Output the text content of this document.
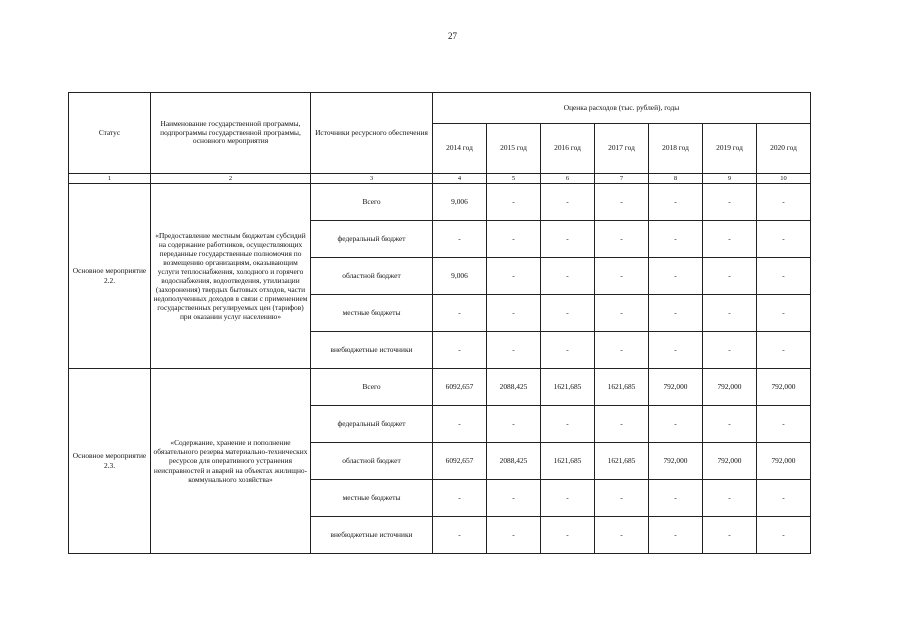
27
Статус	Наименование государственной программы, подпрограммы государственной программы, основного мероприятия	Источники ресурсного обеспечения	Оценка расходов (тыс. рублей), годы						
			2014 год	2015 год	2016 год	2017 год	2018 год	2019 год	2020 год
1	2	3	4	5	6	7	8	9	10
Основное мероприятие 2.2.	«Предоставление местным бюджетам субсидий на содержание работников, осуществляющих переданные государственные полномочия по возмещению организациям, оказывающим услуги теплоснабжения, холодного и горячего водоснабжения, водоотведения, утилизации (захоронения) твердых бытовых отходов, части недополученных доходов в связи с применением государственных регулируемых цен (тарифов) при оказании услуг населению»	Всего	9,006	-	-	-	-	-	-
		федеральный бюджет	-	-	-	-	-	-	-
		областной бюджет	9,006	-	-	-	-	-	-
		местные бюджеты	-	-	-	-	-	-	-
		внебюджетные источники	-	-	-	-	-	-	-
Основное мероприятие 2.3.	«Содержание, хранение и пополнение обязательного резерва материально-технических ресурсов для оперативного устранения неисправностей и аварий на объектах жилищно-коммунального хозяйства»	Всего	6092,657	2088,425	1621,685	1621,685	792,000	792,000	792,000
		федеральный бюджет	-	-	-	-	-	-	-
		областной бюджет	6092,657	2088,425	1621,685	1621,685	792,000	792,000	792,000
		местные бюджеты	-	-	-	-	-	-	-
		внебюджетные источники	-	-	-	-	-	-	-
